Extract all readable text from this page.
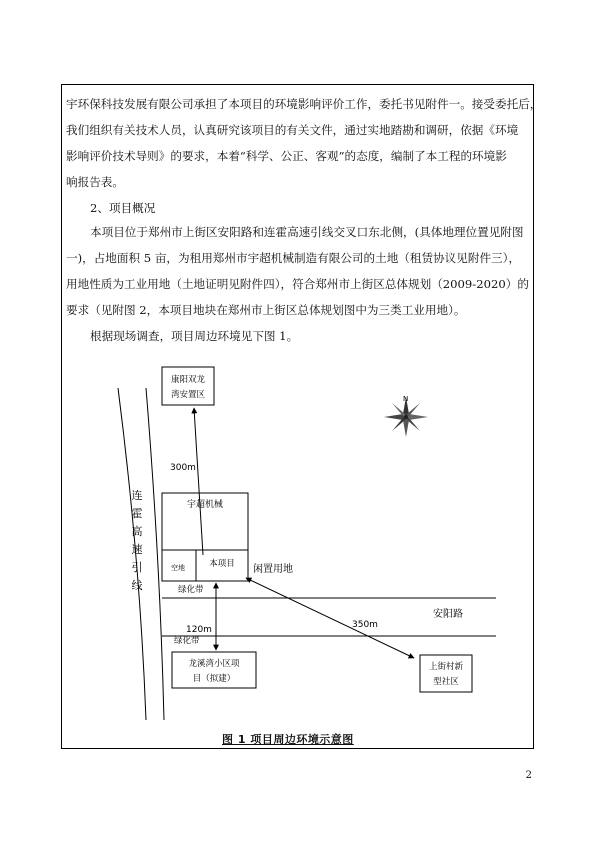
宇环保科技发展有限公司承担了本项目的环境影响评价工作，委托书见附件一。接受委托后，
我们组织有关技术人员，认真研究该项目的有关文件，通过实地踏勘和调研，依据《环境
影响评价技术导则》的要求，本着“科学、公正、客观”的态度，编制了本工程的环境影
响报告表。
2、项目概况
本项目位于郑州市上街区安阳路和连霍高速引线交叉口东北侧，(具体地理位置见附图
一)，占地面积 5 亩，为租用郑州市宇超机械制造有限公司的土地（租赁协议见附件三），
用地性质为工业用地（土地证明见附件四），符合郑州市上街区总体规划（2009-2020）的
要求（见附图 2，本项目地块在郑州市上街区总体规划图中为三类工业用地）。
根据现场调查，项目周边环境见下图 1。
连
霍
高
速
引
线
康阳双龙
湾安置区
300m
宇超机械
空地	本项目 闲置用地
绿化带
安阳路
绿化带
120m
龙溪湾小区项
目（拟建）
350m
上街村新
型社区
N
图 1 项目周边环境示意图
2
